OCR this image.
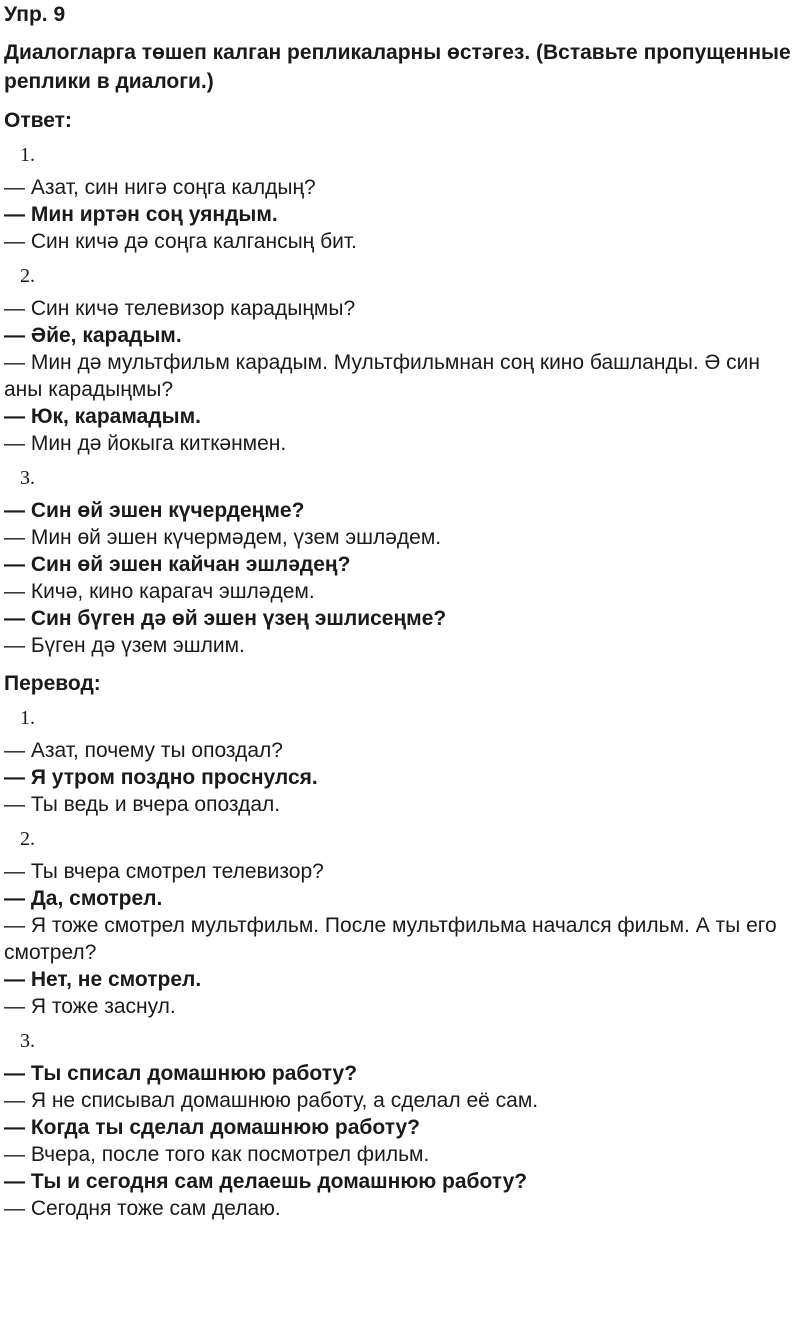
Упр. 9
Диалогларга төшеп калган репликаларны өстәгез. (Вставьте пропущенные реплики в диалоги.)
Ответ:
1.
— Азат, син нигә соңга калдың?
— Мин иртән соң уяндым.
— Син кичә дә соңга калгансың бит.
2.
— Син кичә телевизор карадыңмы?
— Әйе, карадым.
— Мин дә мультфильм карадым. Мультфильмнан соң кино башланды. Ә син аны карадыңмы?
— Юк, карамадым.
— Мин дә йокыга киткәнмен.
3.
— Син өй эшен күчердеңме?
— Мин өй эшен күчермәдем, үзем эшләдем.
— Син өй эшен кайчан эшләдең?
— Кичә, кино карагач эшләдем.
— Син бүген дә өй эшен үзең эшлисеңме?
— Бүген дә үзем эшлим.
Перевод:
1.
— Азат, почему ты опоздал?
— Я утром поздно проснулся.
— Ты ведь и вчера опоздал.
2.
— Ты вчера смотрел телевизор?
— Да, смотрел.
— Я тоже смотрел мультфильм. После мультфильма начался фильм. А ты его смотрел?
— Нет, не смотрел.
— Я тоже заснул.
3.
— Ты списал домашнюю работу?
— Я не списывал домашнюю работу, а сделал её сам.
— Когда ты сделал домашнюю работу?
— Вчера, после того как посмотрел фильм.
— Ты и сегодня сам делаешь домашнюю работу?
— Сегодня тоже сам делаю.
